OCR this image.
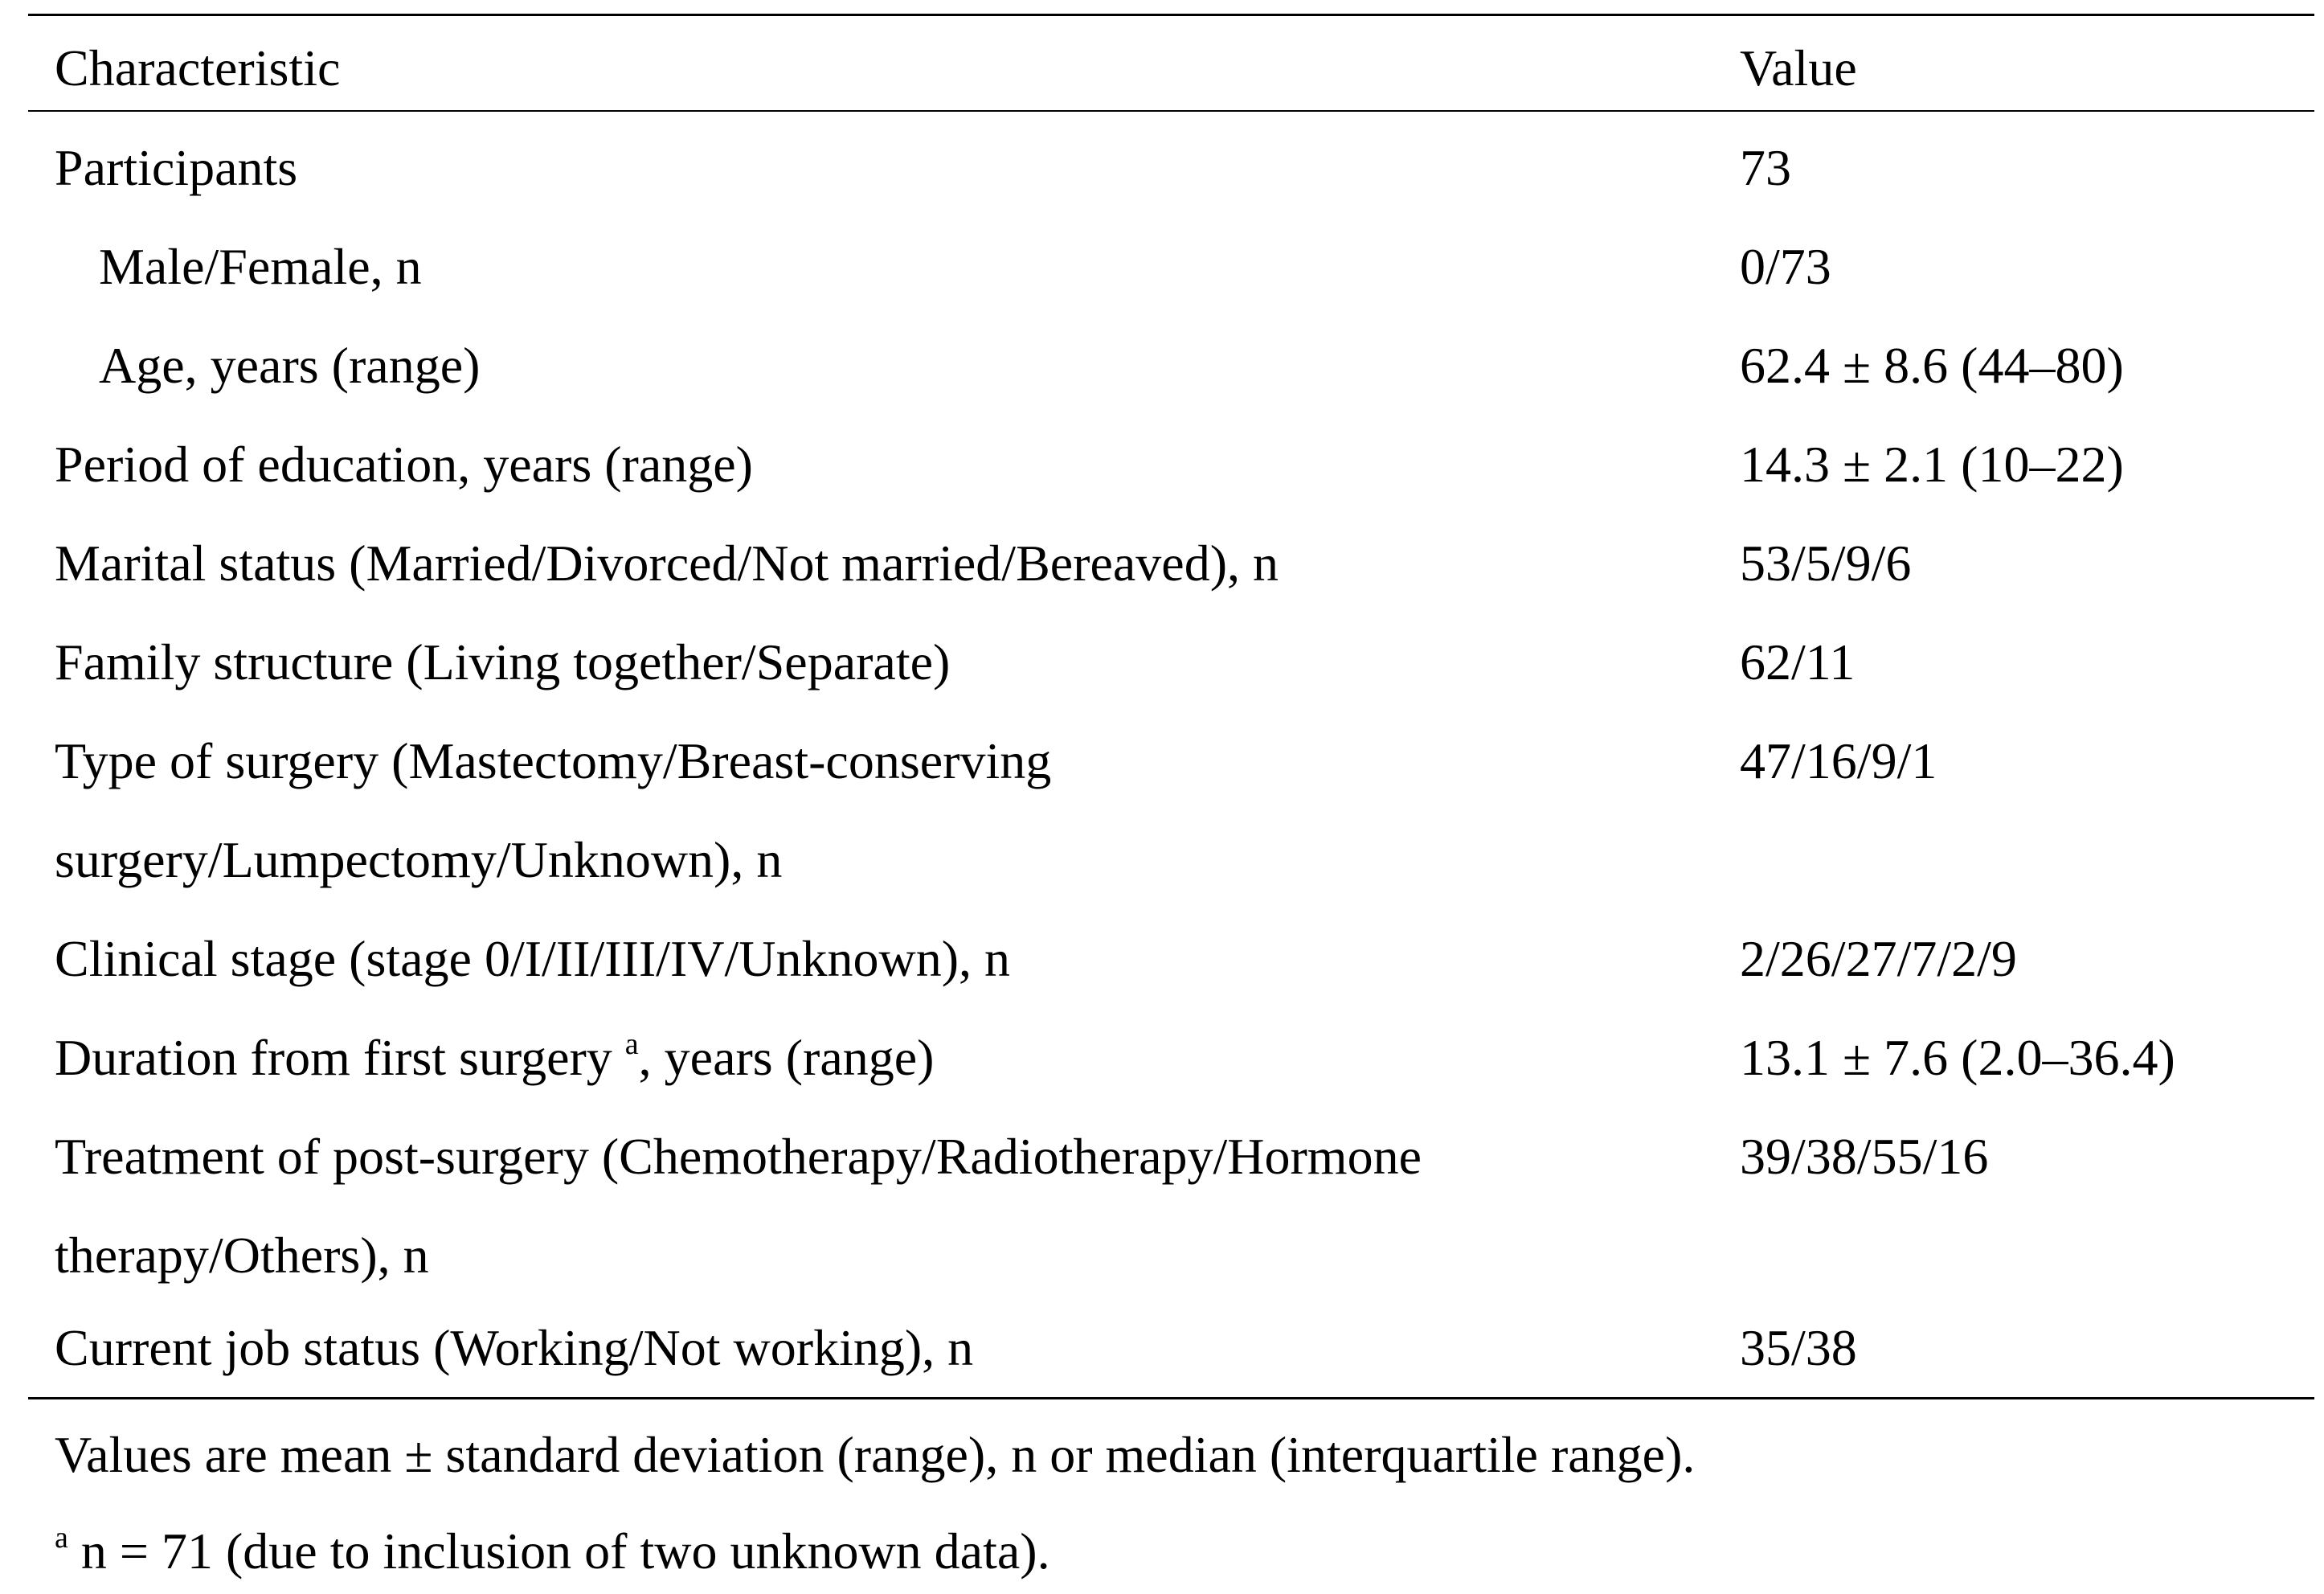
Characteristic	Value
Participants	73
Male/Female, n	0/73
Age, years (range)	62.4 ± 8.6 (44–80)
Period of education, years (range)	14.3 ± 2.1 (10–22)
Marital status (Married/Divorced/Not married/Bereaved), n	53/5/9/6
Family structure (Living together/Separate)	62/11
Type of surgery (Mastectomy/Breast-conserving	47/16/9/1
surgery/Lumpectomy/Unknown), n
Clinical stage (stage 0/I/II/III/IV/Unknown), n	2/26/27/7/2/9
Duration from first surgery $^a$, years (range)	13.1 ± 7.6 (2.0–36.4)
Treatment of post-surgery (Chemotherapy/Radiotherapy/Hormone	39/38/55/16
therapy/Others), n
Current job status (Working/Not working), n	35/38
Values are mean ± standard deviation (range), n or median (interquartile range).
$^a$ n = 71 (due to inclusion of two unknown data).
